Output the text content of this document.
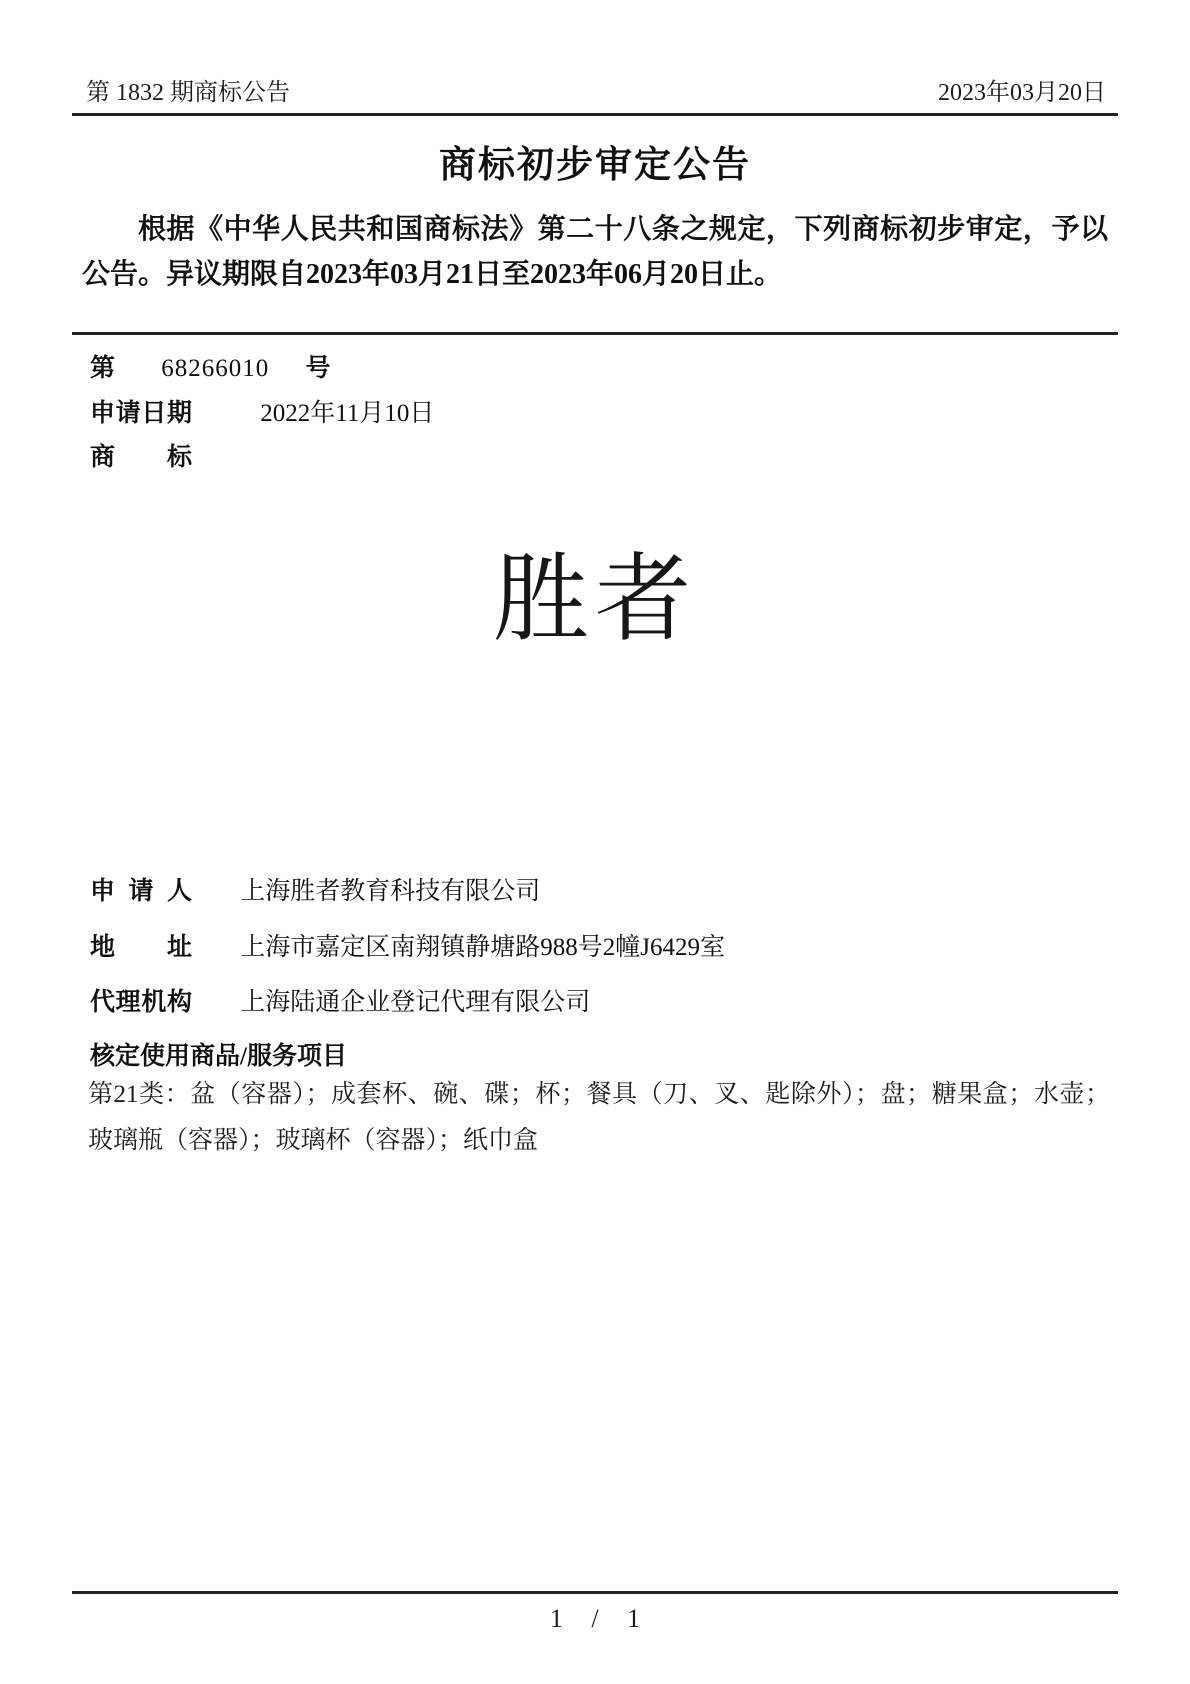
第 1832 期商标公告	2023年03月20日
商标初步审定公告
根据《中华人民共和国商标法》第二十八条之规定，下列商标初步审定，予以公告。异议期限自2023年03月21日至2023年06月20日止。
第 68266010 号
申请日期	2022年11月10日
商标
胜者
申请人 上海胜者教育科技有限公司
地址 上海市嘉定区南翔镇静塘路988号2幢J6429室
代理机构 上海陆通企业登记代理有限公司
核定使用商品/服务项目
第21类：盆（容器）；成套杯、碗、碟；杯；餐具（刀、叉、匙除外）；盘；糖果盒；水壶；玻璃瓶（容器）；玻璃杯（容器）；纸巾盒
1 / 1
